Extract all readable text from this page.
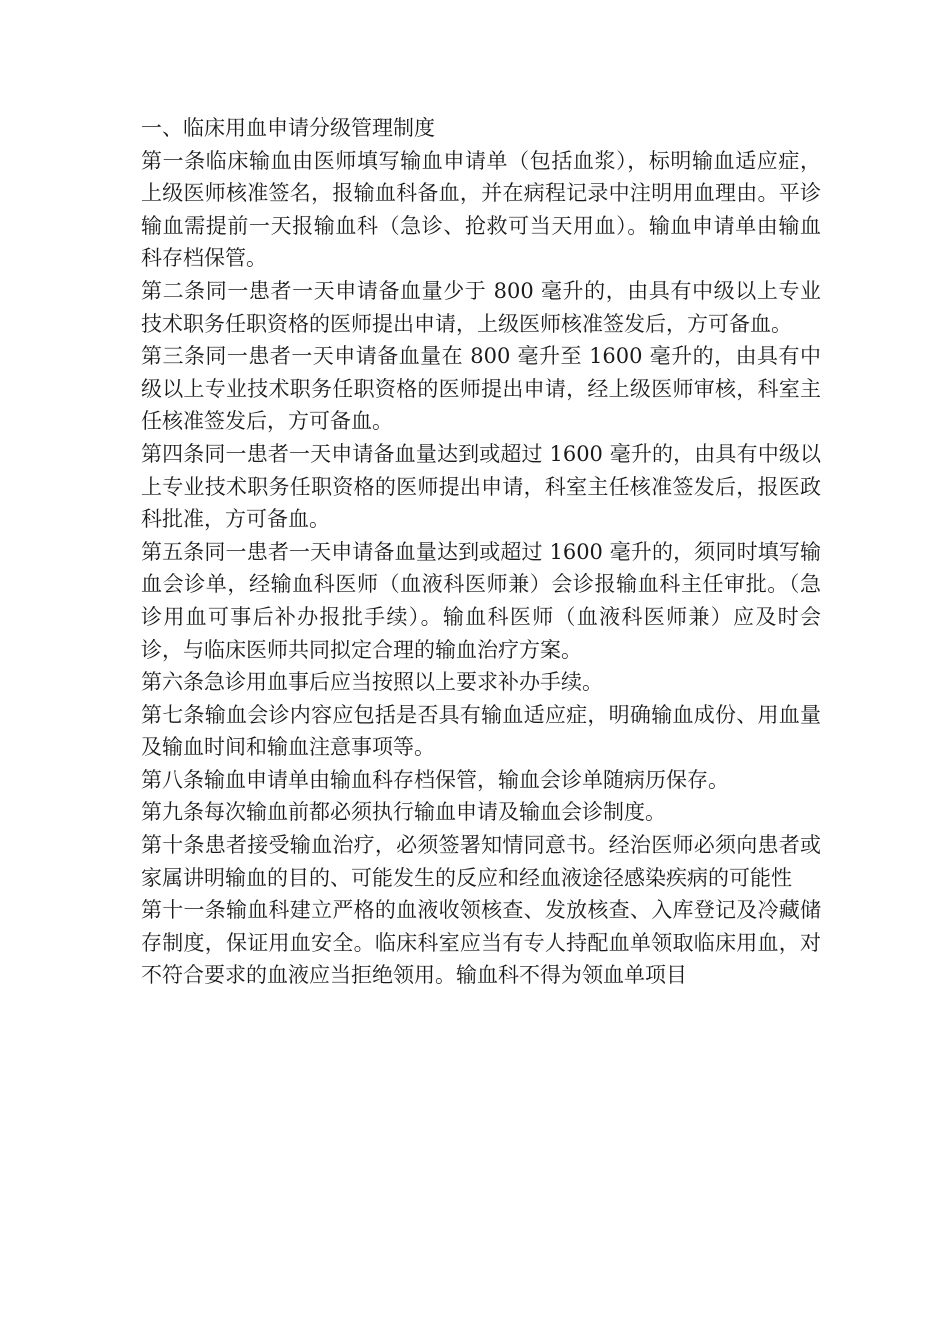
一、临床用血申请分级管理制度

第一条临床输血由医师填写输血申请单（包括血浆），标明输血适应症，上级医师核准签名，报输血科备血，并在病程记录中注明用血理由。平诊输血需提前一天报输血科（急诊、抢救可当天用血）。输血申请单由输血科存档保管。

第二条同一患者一天申请备血量少于 800 毫升的，由具有中级以上专业技术职务任职资格的医师提出申请，上级医师核准签发后，方可备血。

第三条同一患者一天申请备血量在 800 毫升至 1600 毫升的，由具有中级以上专业技术职务任职资格的医师提出申请，经上级医师审核，科室主任核准签发后，方可备血。

第四条同一患者一天申请备血量达到或超过 1600 毫升的，由具有中级以上专业技术职务任职资格的医师提出申请，科室主任核准签发后，报医政科批准，方可备血。

第五条同一患者一天申请备血量达到或超过 1600 毫升的，须同时填写输血会诊单，经输血科医师（血液科医师兼）会诊报输血科主任审批。（急诊用血可事后补办报批手续）。输血科医师（血液科医师兼）应及时会诊，与临床医师共同拟定合理的输血治疗方案。

第六条急诊用血事后应当按照以上要求补办手续。

第七条输血会诊内容应包括是否具有输血适应症，明确输血成份、用血量及输血时间和输血注意事项等。

第八条输血申请单由输血科存档保管，输血会诊单随病历保存。

第九条每次输血前都必须执行输血申请及输血会诊制度。

第十条患者接受输血治疗，必须签署知情同意书。经治医师必须向患者或家属讲明输血的目的、可能发生的反应和经血液途径感染疾病的可能性

第十一条输血科建立严格的血液收领核查、发放核查、入库登记及冷藏储存制度，保证用血安全。临床科室应当有专人持配血单领取临床用血，对不符合要求的血液应当拒绝领用。输血科不得为领血单项目
